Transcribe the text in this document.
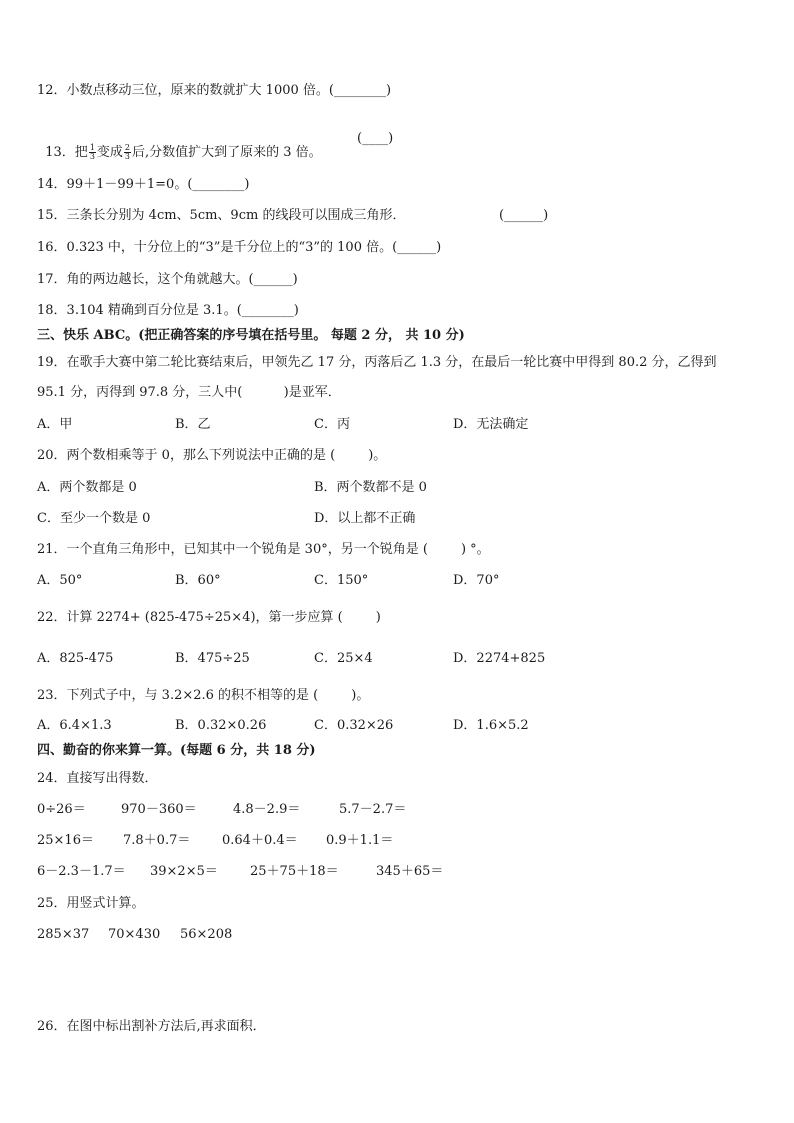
12．小数点移动三位，原来的数就扩大 1000 倍。(________)

13．把 $\frac{1}{3}$ 变成 $\frac{2}{3}$ 后,分数值扩大到了原来的 3 倍。

(____)
14．99＋1－99＋1=0。(________)
15．三条长分别为 4cm、5cm、9cm 的线段可以围成三角形．	(______)
16．0.323 中，十分位上的“3”是千分位上的“3”的 100 倍。(______)
17．角的两边越长，这个角就越大。(______)
18．3.104 精确到百分位是 3.1。(________)
三、快乐 ABC。(把正确答案的序号填在括号里。 每题 2 分， 共 10 分)
19．在歌手大赛中第二轮比赛结束后，甲领先乙 17 分，丙落后乙 1.3 分，在最后一轮比赛中甲得到 80.2 分，乙得到
95.1 分，丙得到 97.8 分，三人中(          )是亚军．
A．甲	B．乙	C．丙	D．无法确定
20．两个数相乘等于 0，那么下列说法中正确的是 (        )。
A．两个数都是 0	B．两个数都不是 0
C．至少一个数是 0	D．以上都不正确
21．一个直角三角形中，已知其中一个锐角是 30°，另一个锐角是 (        ) °。
A．50°	B．60°	C．150°	D．70°
22．计算 2274+ (825-475÷25×4)，第一步应算 (        )
A．825-475	B．475÷25	C．25×4	D．2274+825
23．下列式子中，与 3.2×2.6 的积不相等的是 (        )。
A．6.4×1.3	B．0.32×0.26	C．0.32×26	D．1.6×5.2
四、勤奋的你来算一算。(每题 6 分，共 18 分)
24．直接写出得数．
0÷26＝	970－360＝	4.8－2.9＝	5.7－2.7＝
25×16＝ 7.8＋0.7＝ 0.64＋0.4＝ 0.9＋1.1＝
6－2.3－1.7＝ 39×2×5＝ 25＋75＋18＝	345＋65＝
25．用竖式计算。
285×37 70×430 56×208
26．在图中标出割补方法后,再求面积．
